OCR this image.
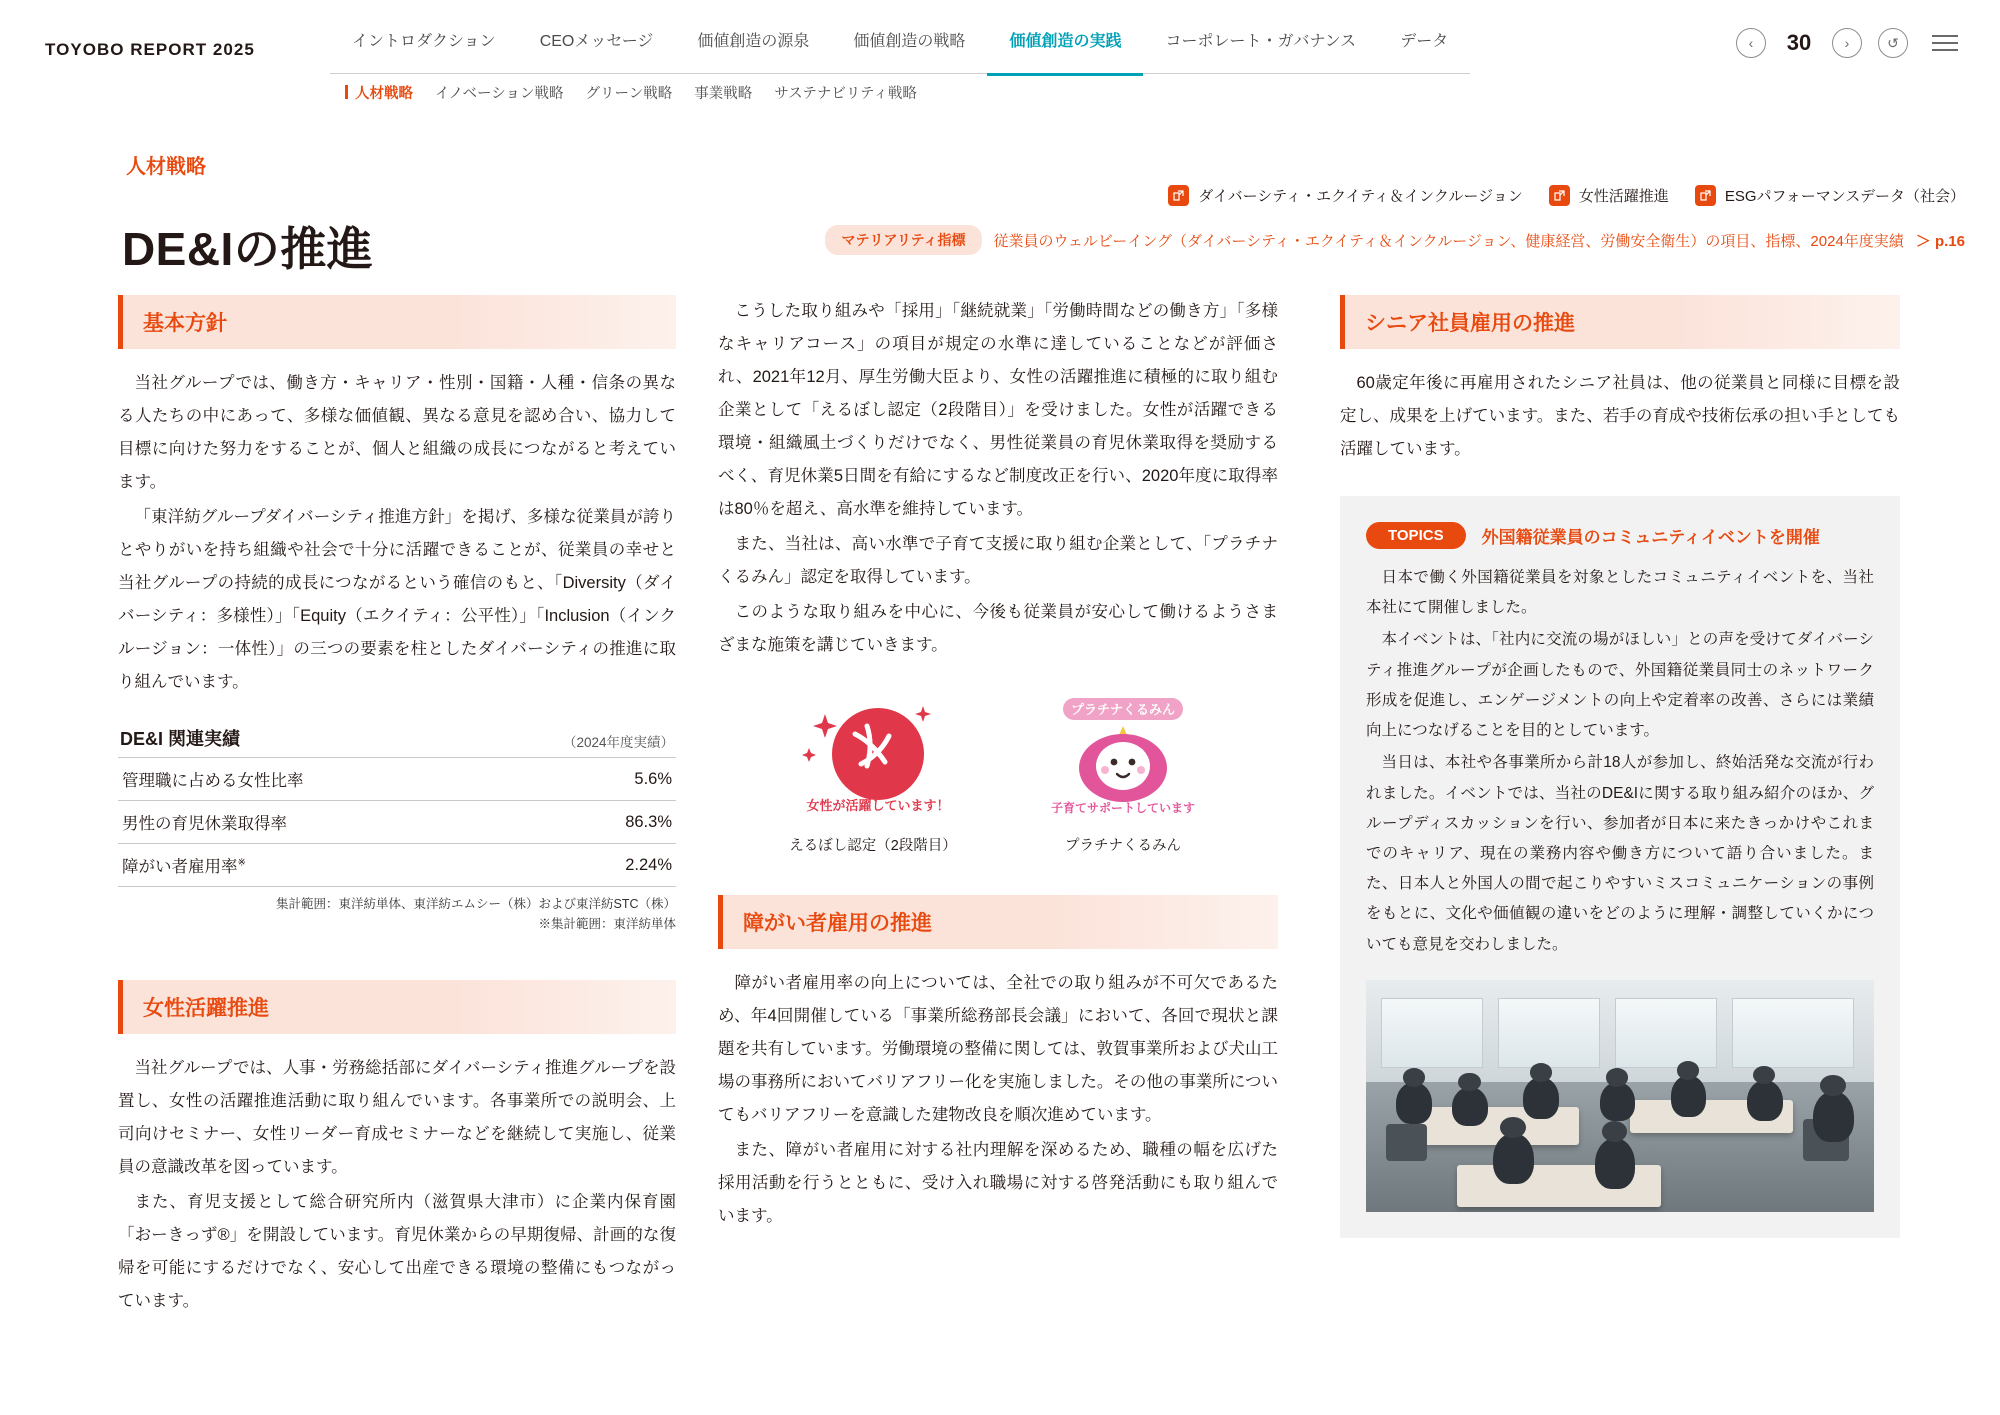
TOYOBO REPORT 2025	イントロダクション	CEOメッセージ	価値創造の源泉	価値創造の戦略	価値創造の実践	コーポレート・ガバナンス	データ
人材戦略 イノベーション戦略 グリーン戦略 事業戦略 サステナビリティ戦略
‹	30	›	↺
人材戦略
DE&Iの推進
ダイバーシティ・エクイティ＆インクルージョン	女性活躍推進	ESGパフォーマンスデータ（社会）
マテリアリティ指標	従業員のウェルビーイング（ダイバーシティ・エクイティ＆インクルージョン、健康経営、労働安全衛生）の項目、指標、2024年度実績 ＞ p.16
基本方針

当社グループでは、働き方・キャリア・性別・国籍・人種・信条の異なる人たちの中にあって、多様な価値観、異なる意見を認め合い、協力して目標に向けた努力をすることが、個人と組織の成長につながると考えています。

「東洋紡グループダイバーシティ推進方針」を掲げ、多様な従業員が誇りとやりがいを持ち組織や社会で十分に活躍できることが、従業員の幸せと当社グループの持続的成長につながるという確信のもと、「Diversity（ダイバーシティ：多様性）」「Equity（エクイティ：公平性）」「Inclusion（インクルージョン：一体性）」の三つの要素を柱としたダイバーシティの推進に取り組んでいます。

DE&I 関連実績	（2024年度実績）
管理職に占める女性比率	5.6%
男性の育児休業取得率	86.3%
障がい者雇用率※	2.24%
集計範囲：東洋紡単体、東洋紡エムシー（株）および東洋紡STC（株）
※集計範囲：東洋紡単体
女性活躍推進

当社グループでは、人事・労務総括部にダイバーシティ推進グループを設置し、女性の活躍推進活動に取り組んでいます。各事業所での説明会、上司向けセミナー、女性リーダー育成セミナーなどを継続して実施し、従業員の意識改革を図っています。

また、育児支援として総合研究所内（滋賀県大津市）に企業内保育園「おーきっず®」を開設しています。育児休業からの早期復帰、計画的な復帰を可能にするだけでなく、安心して出産できる環境の整備にもつながっています。

こうした取り組みや「採用」「継続就業」「労働時間などの働き方」「多様なキャリアコース」の項目が規定の水準に達していることなどが評価され、2021年12月、厚生労働大臣より、女性の活躍推進に積極的に取り組む企業として「えるぼし認定（2段階目）」を受けました。女性が活躍できる環境・組織風土づくりだけでなく、男性従業員の育児休業取得を奨励するべく、育児休業5日間を有給にするなど制度改正を行い、2020年度に取得率は80％を超え、高水準を維持しています。

また、当社は、高い水準で子育て支援に取り組む企業として、「プラチナくるみん」認定を取得しています。

このような取り組みを中心に、今後も従業員が安心して働けるようさまざまな施策を講じていきます。

女性が活躍しています！
えるぼし認定（2段階目）
プラチナくるみん
子育てサポートしています
プラチナくるみん
障がい者雇用の推進

障がい者雇用率の向上については、全社での取り組みが不可欠であるため、年4回開催している「事業所総務部長会議」において、各回で現状と課題を共有しています。労働環境の整備に関しては、敦賀事業所および犬山工場の事務所においてバリアフリー化を実施しました。その他の事業所についてもバリアフリーを意識した建物改良を順次進めています。

また、障がい者雇用に対する社内理解を深めるため、職種の幅を広げた採用活動を行うとともに、受け入れ職場に対する啓発活動にも取り組んでいます。

シニア社員雇用の推進

60歳定年後に再雇用されたシニア社員は、他の従業員と同様に目標を設定し、成果を上げています。また、若手の育成や技術伝承の担い手としても活躍しています。

TOPICS	外国籍従業員のコミュニティイベントを開催

日本で働く外国籍従業員を対象としたコミュニティイベントを、当社本社にて開催しました。

本イベントは、「社内に交流の場がほしい」との声を受けてダイバーシティ推進グループが企画したもので、外国籍従業員同士のネットワーク形成を促進し、エンゲージメントの向上や定着率の改善、さらには業績向上につなげることを目的としています。

当日は、本社や各事業所から計18人が参加し、終始活発な交流が行われました。イベントでは、当社のDE&Iに関する取り組み紹介のほか、グループディスカッションを行い、参加者が日本に来たきっかけやこれまでのキャリア、現在の業務内容や働き方について語り合いました。また、日本人と外国人の間で起こりやすいミスコミュニケーションの事例をもとに、文化や価値観の違いをどのように理解・調整していくかについても意見を交わしました。
